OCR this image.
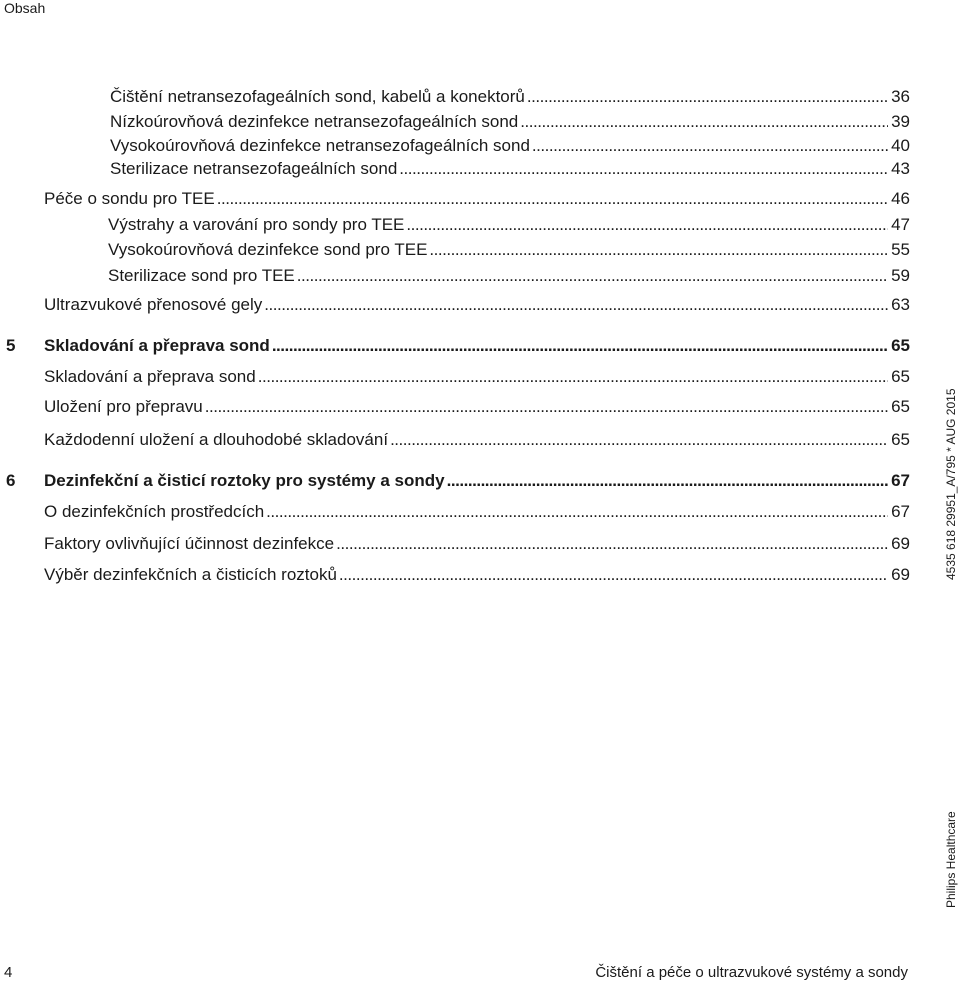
Obsah
Čištění netransezofageálních sond, kabelů a konektorů . . .	36
Nízkoúrovňová dezinfekce netransezofageálních sond . . .	39
Vysokoúrovňová dezinfekce netransezofageálních sond . . .	40
Sterilizace netransezofageálních sond . . .	43
Péče o sondu pro TEE . . .	46
Výstrahy a varování pro sondy pro TEE . . .	47
Vysokoúrovňová dezinfekce sond pro TEE . . .	55
Sterilizace sond pro TEE . . .	59
Ultrazvukové přenosové gely . . .	63
5	Skladování a přeprava sond . . .	65
Skladování a přeprava sond . . .	65
Uložení pro přepravu . . .	65
Každodenní uložení a dlouhodobé skladování . . .	65
6	Dezinfekční a čisticí roztoky pro systémy a sondy . . .	67
O dezinfekčních prostředcích . . .	67
Faktory ovlivňující účinnost dezinfekce . . .	69
Výběr dezinfekčních a čisticích roztoků . . .	69	4535 618 29951_A/795 * AUG 2015
Philips Healthcare
4	Čištění a péče o ultrazvukové systémy a sondy
